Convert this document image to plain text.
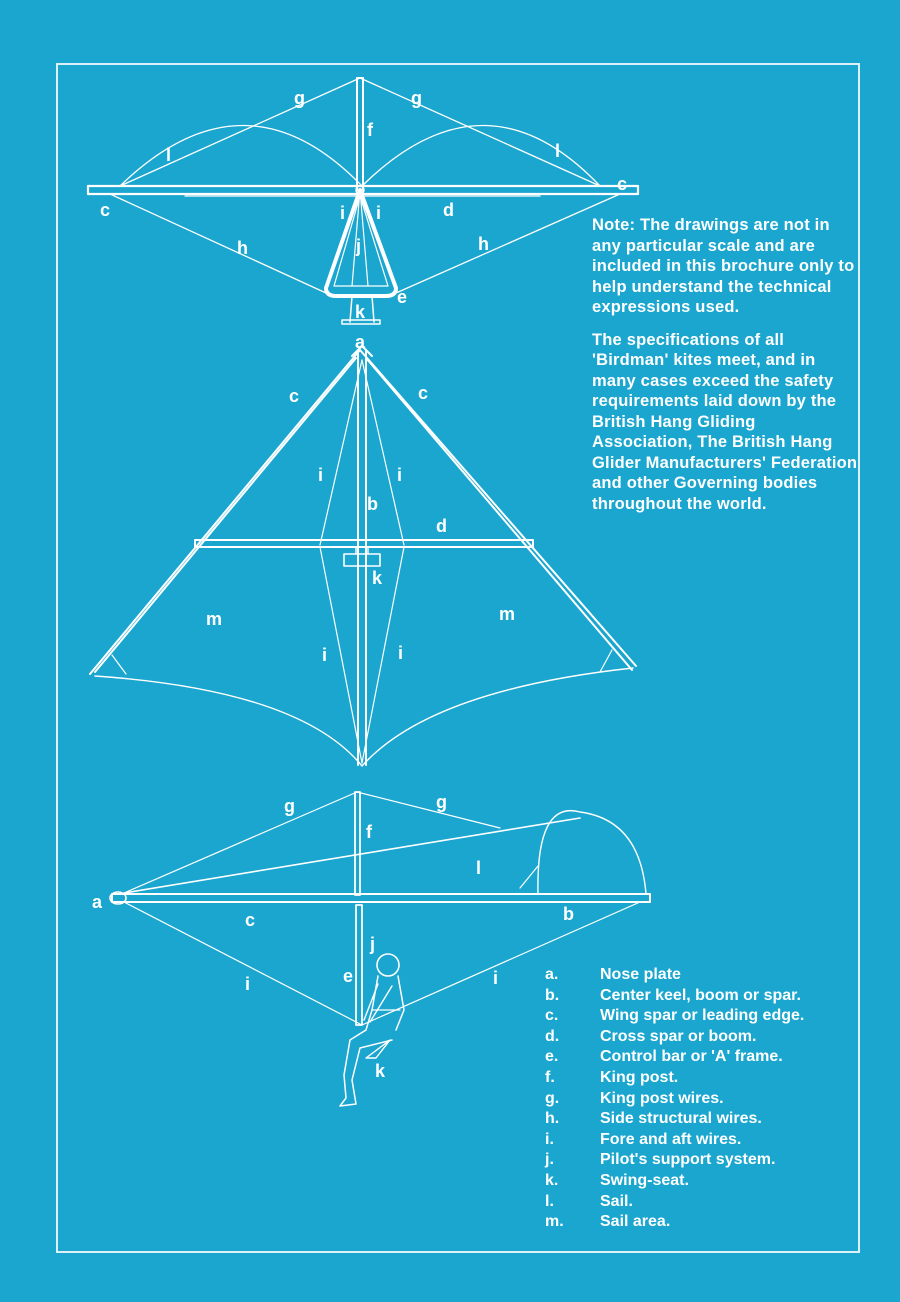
g	g
f
l	l
c
c
i i	d
j
h	h
e
k
a
c	c
i	i
b
d
k
m	m
i	i
g	g
f
l
a
c	b
j
e
i	i
k

Note: The drawings are not in any particular scale and are included in this brochure only to help understand the technical expressions used.

The specifications of all 'Birdman' kites meet, and in many cases exceed the safety requirements laid down by the British Hang Gliding Association, The British Hang Glider Manufacturers' Federation and other Governing bodies throughout the world.

a.	Nose plate
b.	Center keel, boom or spar.
c.	Wing spar or leading edge.
d.	Cross spar or boom.
e.	Control bar or 'A' frame.
f.	King post.
g.	King post wires.
h.	Side structural wires.
i.	Fore and aft wires.
j.	Pilot's support system.
k.	Swing-seat.
l.	Sail.
m.	Sail area.
